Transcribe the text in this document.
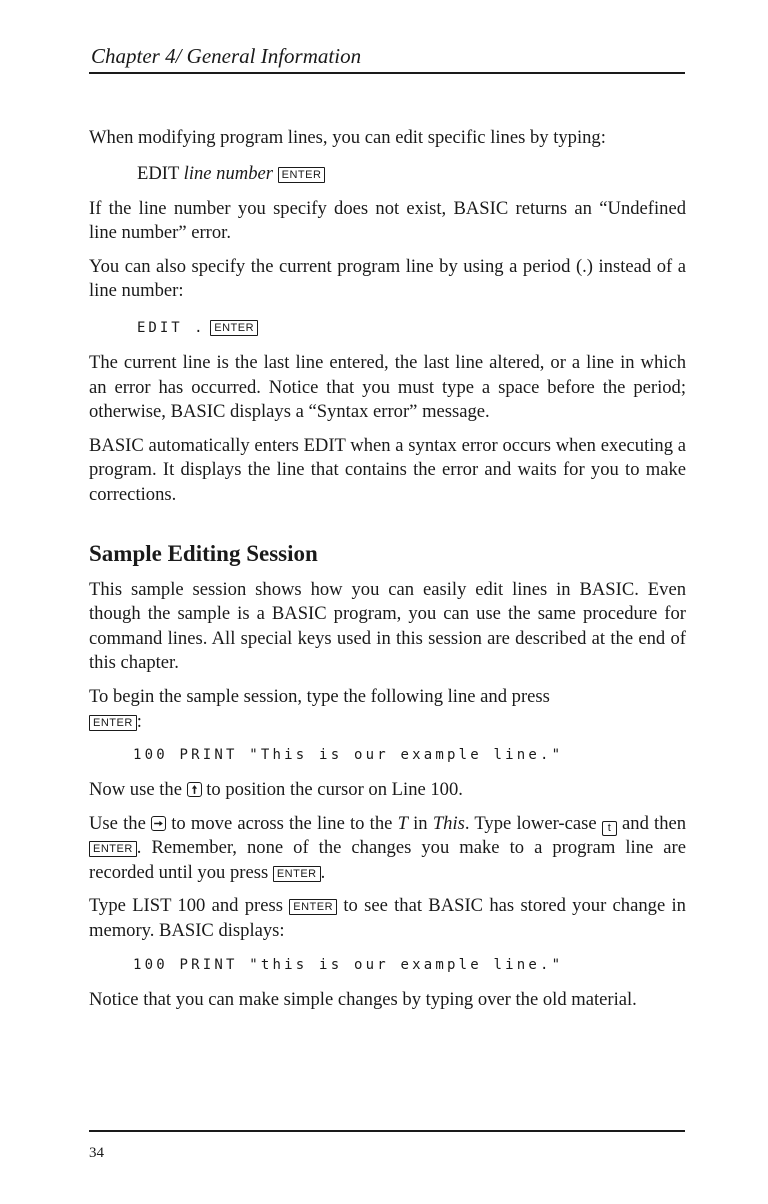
Chapter 4/ General Information

When modifying program lines, you can edit specific lines by typing:

EDIT line number ENTER

If the line number you specify does not exist, BASIC returns an “Undefined line number” error.

You can also specify the current program line by using a period (.) instead of a line number:

EDIT . ENTER

The current line is the last line entered, the last line altered, or a line in which an error has occurred. Notice that you must type a space before the period; otherwise, BASIC displays a “Syntax error” message.

BASIC automatically enters EDIT when a syntax error occurs when executing a program. It displays the line that contains the error and waits for you to make corrections.

Sample Editing Session

This sample session shows how you can easily edit lines in BASIC. Even though the sample is a BASIC program, you can use the same procedure for command lines. All special keys used in this session are described at the end of this chapter.

To begin the sample session, type the following line and press
ENTER :

100 PRINT "This is our example line."

Now use the to position the cursor on Line 100.

Use the to move across the line to the T in This. Type lower-case t and then ENTER . Remember, none of the changes you make to a program line are recorded until you press ENTER .

Type LIST 100 and press ENTER to see that BASIC has stored your change in memory. BASIC displays:

100 PRINT "this is our example line."

Notice that you can make simple changes by typing over the old material.

34
